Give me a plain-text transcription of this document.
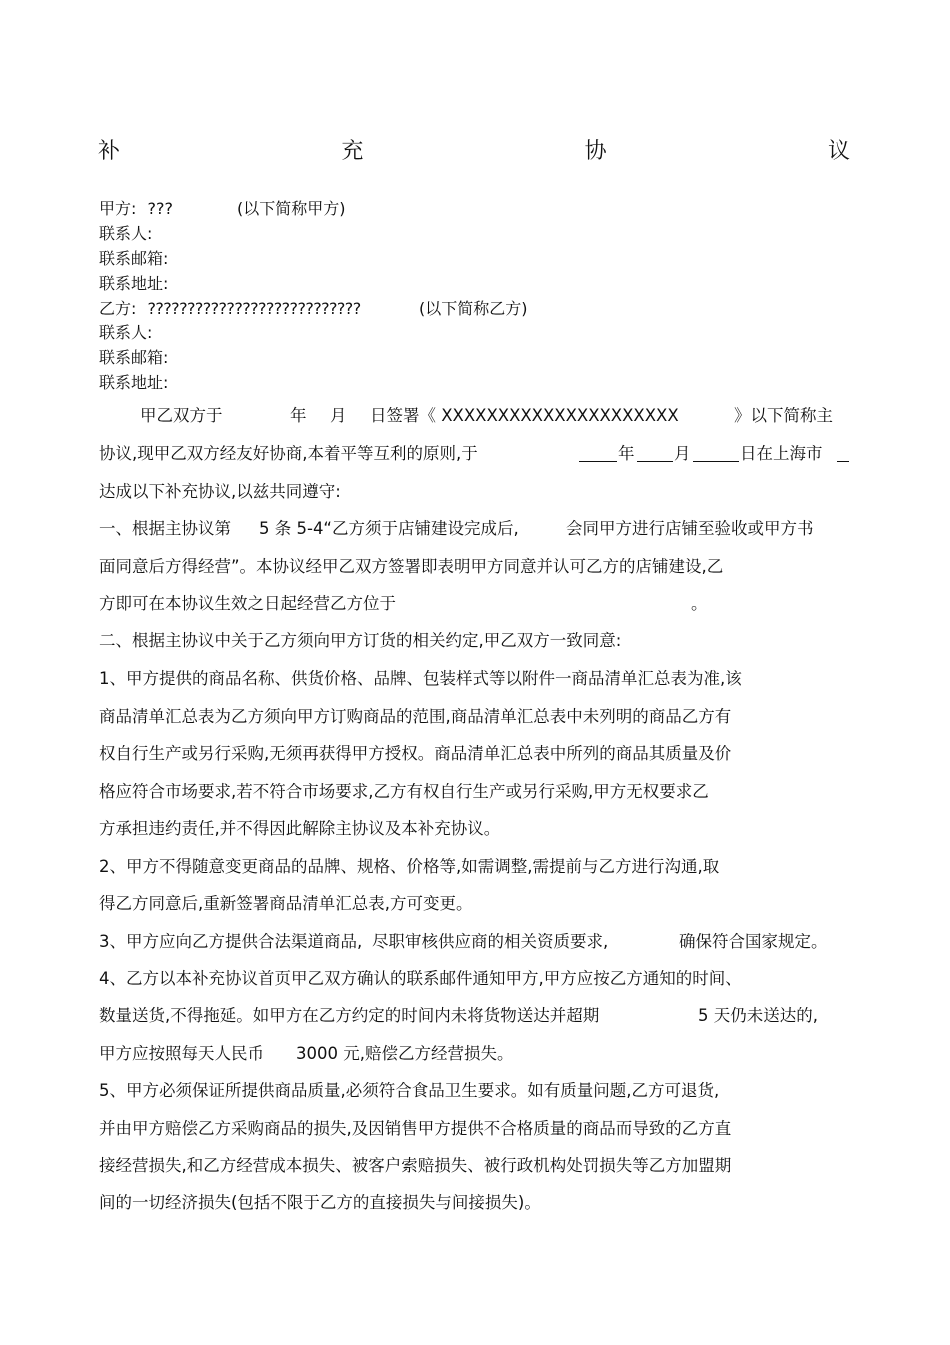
补	充	协	议
甲方: ???	(以下简称甲方)
联系人:
联系邮箱:
联系地址:
乙方: ???????????????????????????	(以下简称乙方)
联系人:
联系邮箱:
联系地址:
甲乙双方于	年 月 日签署《 XXXXXXXXXXXXXXXXXXXXX	》以下简称主
协议,现甲乙双方经友好协商,本着平等互利的原则,于	年 月	日在上海市
达成以下补充协议,以兹共同遵守:
一、根据主协议第 5 条 5-4“乙方须于店铺建设完成后,	会同甲方进行店铺至验收或甲方书
面同意后方得经营”。本协议经甲乙双方签署即表明甲方同意并认可乙方的店铺建设,乙
方即可在本协议生效之日起经营乙方位于	。
二、根据主协议中关于乙方须向甲方订货的相关约定,甲乙双方一致同意:
1、甲方提供的商品名称、供货价格、品牌、包装样式等以附件一商品清单汇总表为准,该
商品清单汇总表为乙方须向甲方订购商品的范围,商品清单汇总表中未列明的商品乙方有
权自行生产或另行采购,无须再获得甲方授权。商品清单汇总表中所列的商品其质量及价
格应符合市场要求,若不符合市场要求,乙方有权自行生产或另行采购,甲方无权要求乙
方承担违约责任,并不得因此解除主协议及本补充协议。
2、甲方不得随意变更商品的品牌、规格、价格等,如需调整,需提前与乙方进行沟通,取
得乙方同意后,重新签署商品清单汇总表,方可变更。
3、甲方应向乙方提供合法渠道商品, 尽职审核供应商的相关资质要求,	确保符合国家规定。
4、乙方以本补充协议首页甲乙双方确认的联系邮件通知甲方,甲方应按乙方通知的时间、
数量送货,不得拖延。如甲方在乙方约定的时间内未将货物送达并超期	5 天仍未送达的,
甲方应按照每天人民币 3000 元,赔偿乙方经营损失。
5、甲方必须保证所提供商品质量,必须符合食品卫生要求。如有质量问题,乙方可退货,
并由甲方赔偿乙方采购商品的损失,及因销售甲方提供不合格质量的商品而导致的乙方直
接经营损失,和乙方经营成本损失、被客户索赔损失、被行政机构处罚损失等乙方加盟期
间的一切经济损失(包括不限于乙方的直接损失与间接损失)。
